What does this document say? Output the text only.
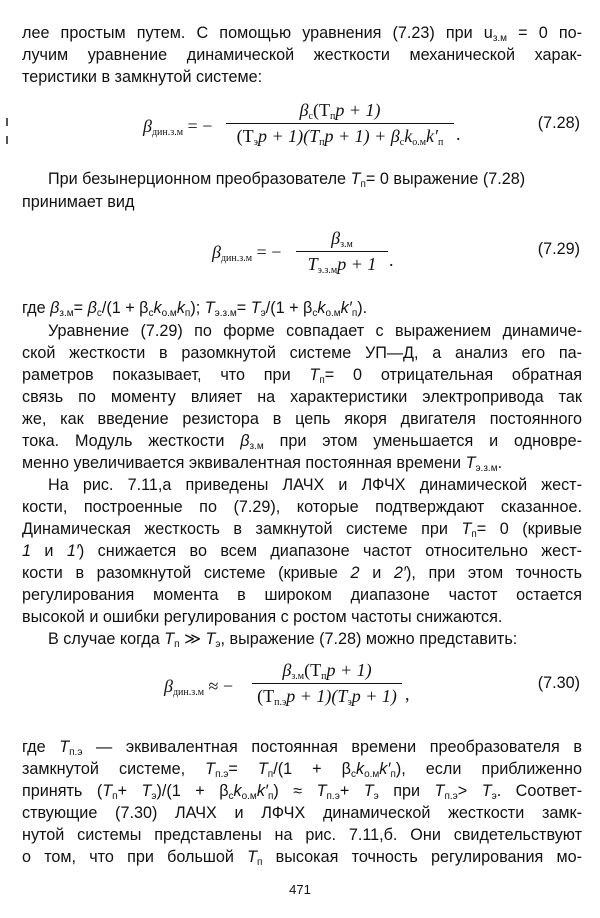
лее простым путем. С помощью уравнения (7.23) при $u_{з.м} = 0$ по-
лучим уравнение динамической жесткости механической харак-
теристики в замкнутой системе:
$\beta_{дин.з.м}$ = −
$\beta_с(T_пp + 1)$
$(T_эp + 1)(T_пp + 1) + \beta_сk_{о.м}k'_п$ .
(7.28)
При безынерционном преобразователе $T_п= 0$ выражение (7.28)
принимает вид
$\beta_{дин.з.м}$ = −
$\beta_{з.м}$
$T_{э.з.м}p + 1$ .
(7.29)
где $\beta_{з.м}= \beta_с/(1 + \beta_сk_{о.м}k_п)$; $T_{э.з.м}= T_э/(1 + \beta_сk_{о.м}k'_п)$.
Уравнение (7.29) по форме совпадает с выражением динамиче-
ской жесткости в разомкнутой системе УП—Д, а анализ его па-
раметров показывает, что при $T_п= 0$ отрицательная обратная
связь по моменту влияет на характеристики электропривода так
же, как введение резистора в цепь якоря двигателя постоянного
тока. Модуль жесткости $\beta_{з.м}$ при этом уменьшается и одновре-
менно увеличивается эквивалентная постоянная времени $T_{э.з.м}$.
На рис. 7.11,а приведены ЛАЧХ и ЛФЧХ динамической жест-
кости, построенные по (7.29), которые подтверждают сказанное.
Динамическая жесткость в замкнутой системе при $T_п= 0$ (кривые
1 и 1′) снижается во всем диапазоне частот относительно жест-
кости в разомкнутой системе (кривые 2 и 2′), при этом точность
регулирования момента в широком диапазоне частот остается
высокой и ошибки регулирования с ростом частоты снижаются.
В случае когда $T_п$ ≫ $T_э$, выражение (7.28) можно представить:
$\beta_{дин.з.м}$ ≈ −
$\beta_{з.м}(T_пp + 1)$
$(T_{п.э}p + 1)(T_эp + 1)$ ,
(7.30)
где $T_{п.э}$ — эквивалентная постоянная времени преобразователя в
замкнутой системе, $T_{п.э}= T_п/(1 + \beta_сk_{о.м}k'_п)$, если приближенно
принять $(T_п+ T_э)/(1 + \beta_сk_{о.м}k'_п) \approx T_{п.э}+ T_э$ при $T_{п.э}> T_э$. Соответ-
ствующие (7.30) ЛАЧХ и ЛФЧХ динамической жесткости замк-
нутой системы представлены на рис. 7.11,б. Они свидетельствуют
о том, что при большой $T_п$ высокая точность регулирования мо-
471
